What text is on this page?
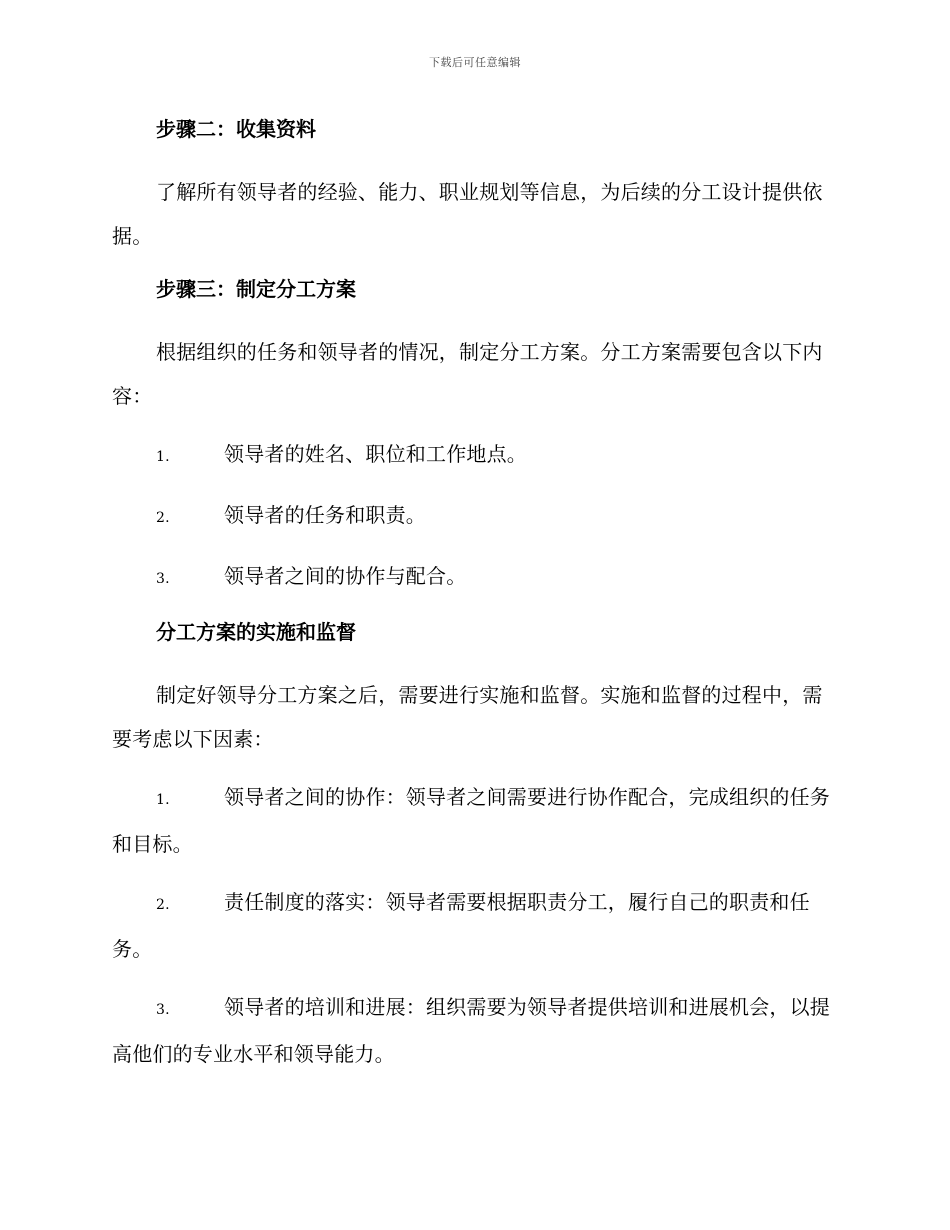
下载后可任意编辑
步骤二：收集资料
了解所有领导者的经验、能力、职业规划等信息，为后续的分工设计提供依据。
步骤三：制定分工方案
根据组织的任务和领导者的情况，制定分工方案。分工方案需要包含以下内容：
1.	领导者的姓名、职位和工作地点。
2.	领导者的任务和职责。
3.	领导者之间的协作与配合。
分工方案的实施和监督
制定好领导分工方案之后，需要进行实施和监督。实施和监督的过程中，需要考虑以下因素：
1.	领导者之间的协作：领导者之间需要进行协作配合，完成组织的任务和目标。
2.	责任制度的落实：领导者需要根据职责分工，履行自己的职责和任务。
3.	领导者的培训和进展：组织需要为领导者提供培训和进展机会，以提高他们的专业水平和领导能力。
